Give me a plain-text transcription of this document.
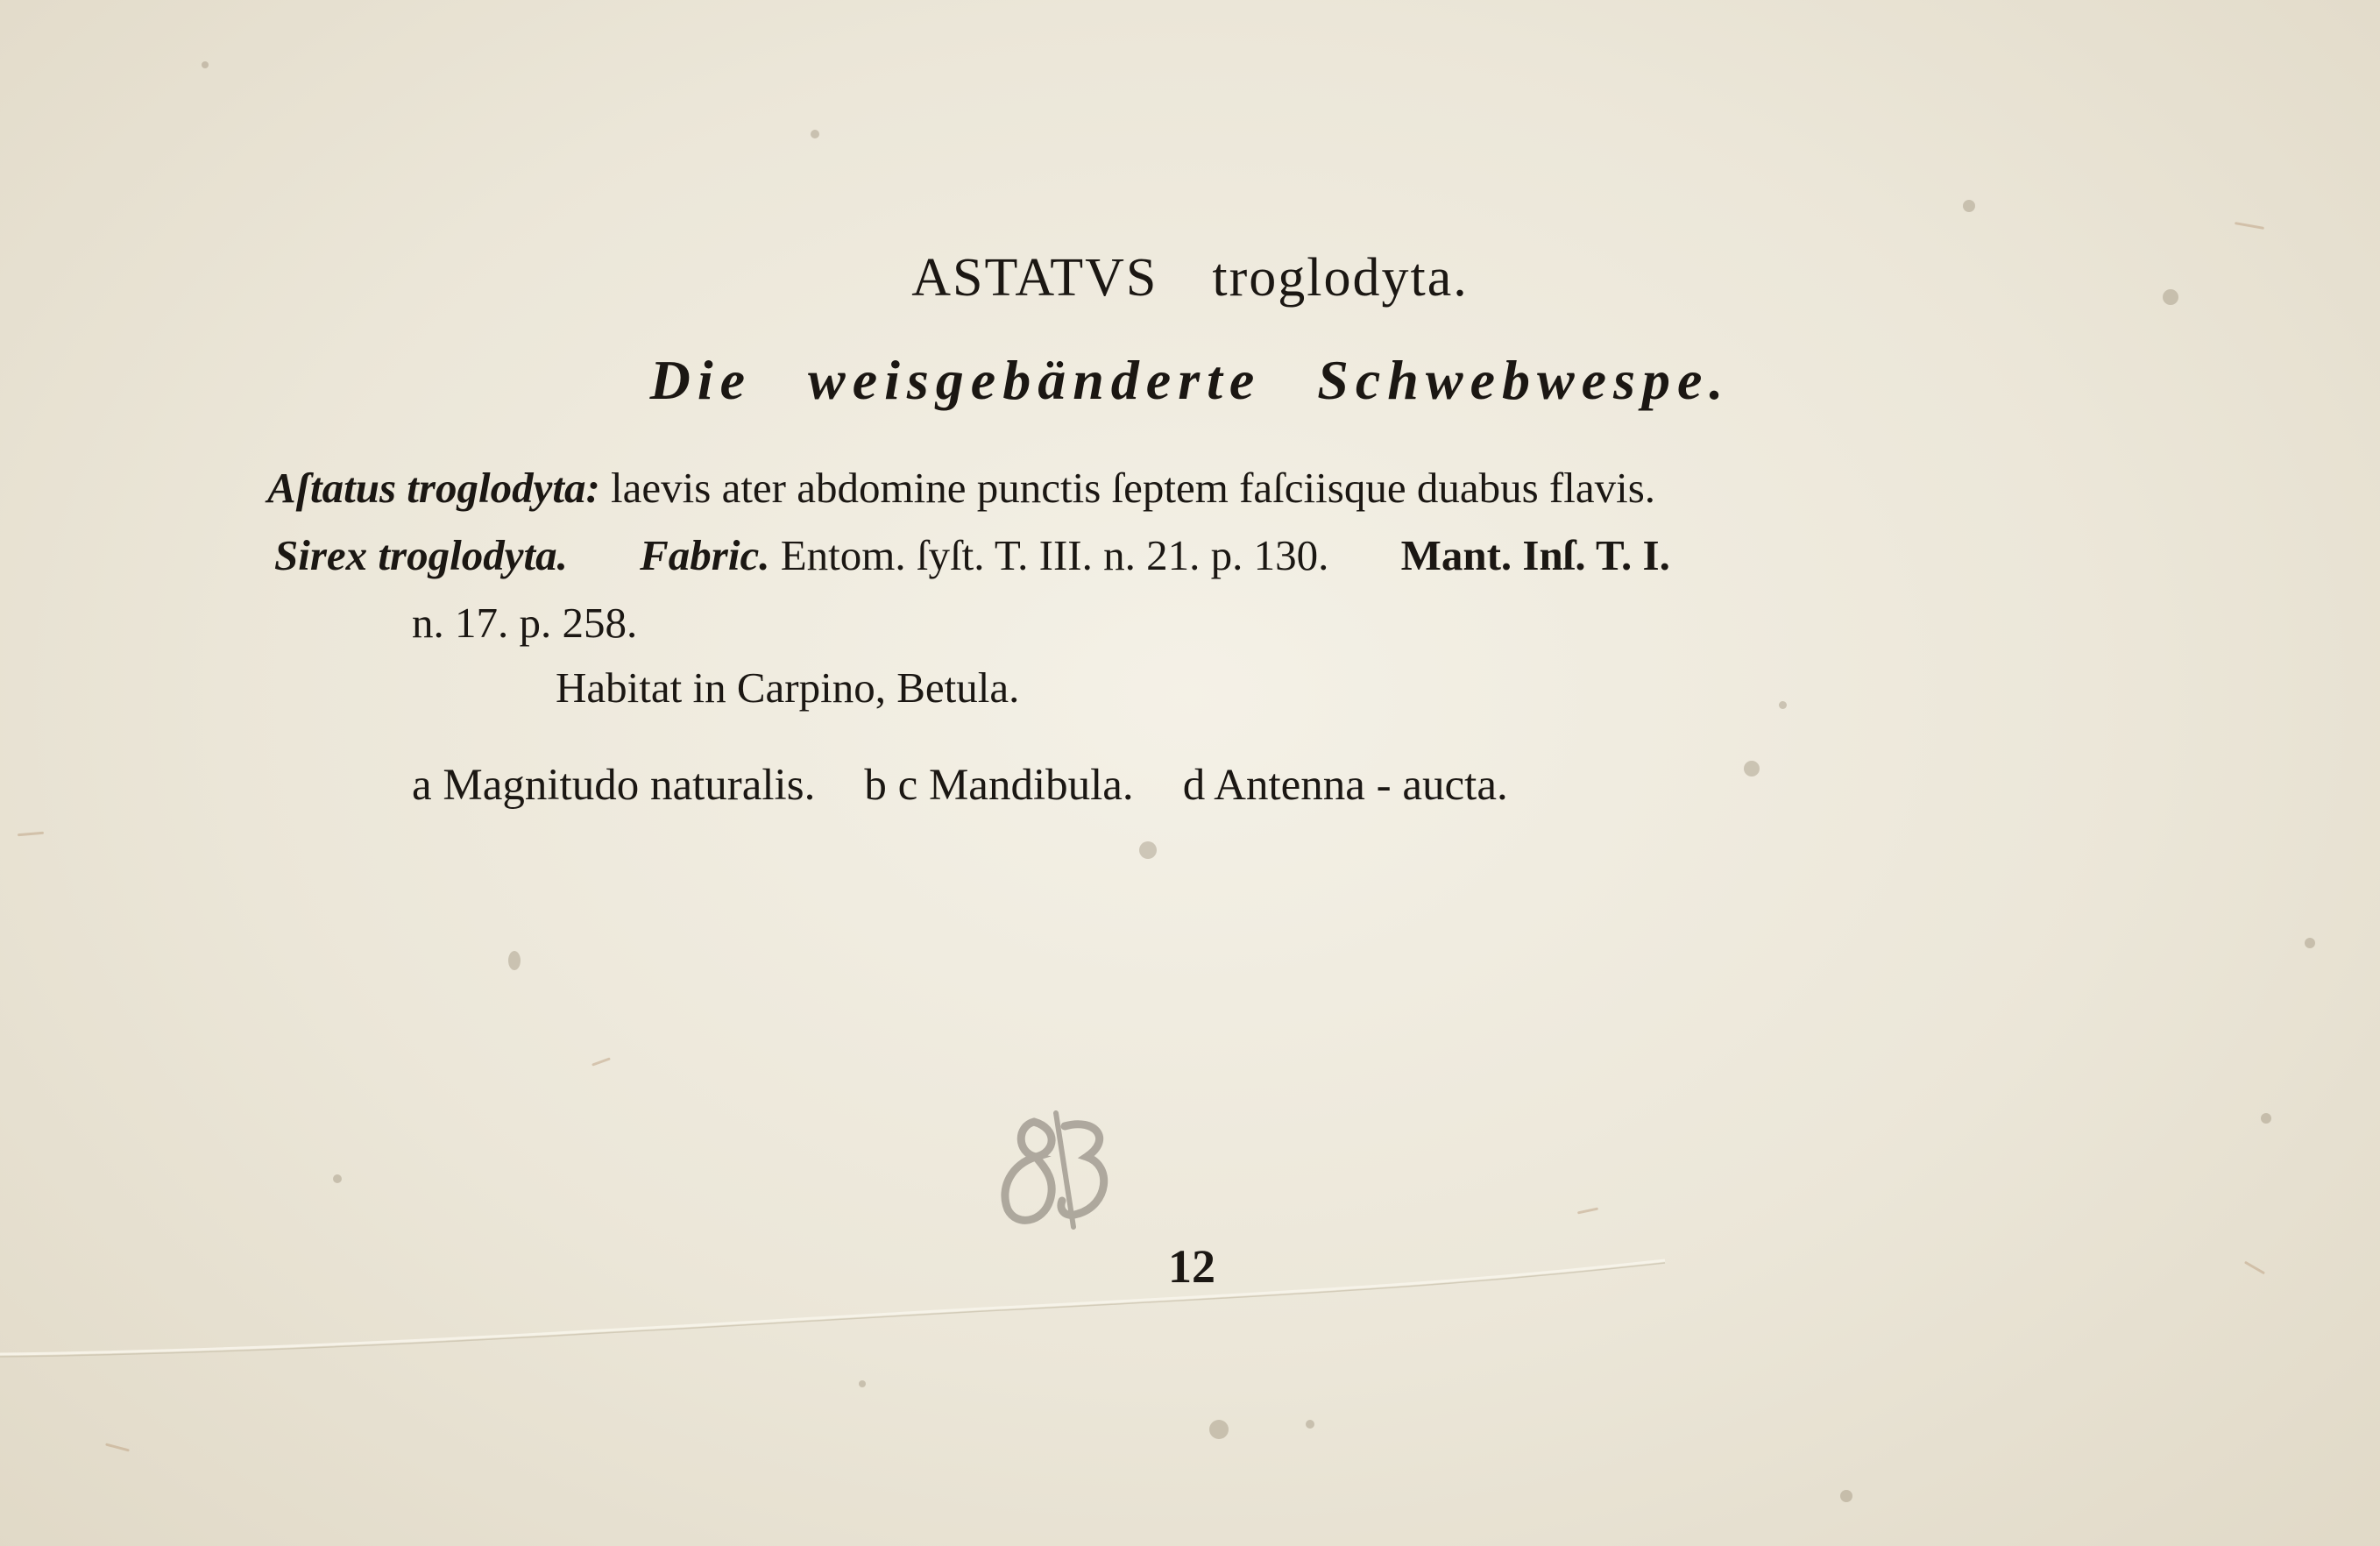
ASTATVS troglodyta.
Die weisgebänderte Schwebwespe.
Aſtatus troglodyta: laevis ater abdomine punctis ſeptem faſciisque duabus flavis.
Sirex troglodyta. Fabric. Entom. ſyſt. T. III. n. 21. p. 130. Mant. Inſ. T. I.
n. 17. p. 258.
Habitat in Carpino, Betula.
a Magnitudo naturalis. b c Mandibula. d Antenna - aucta.
12
